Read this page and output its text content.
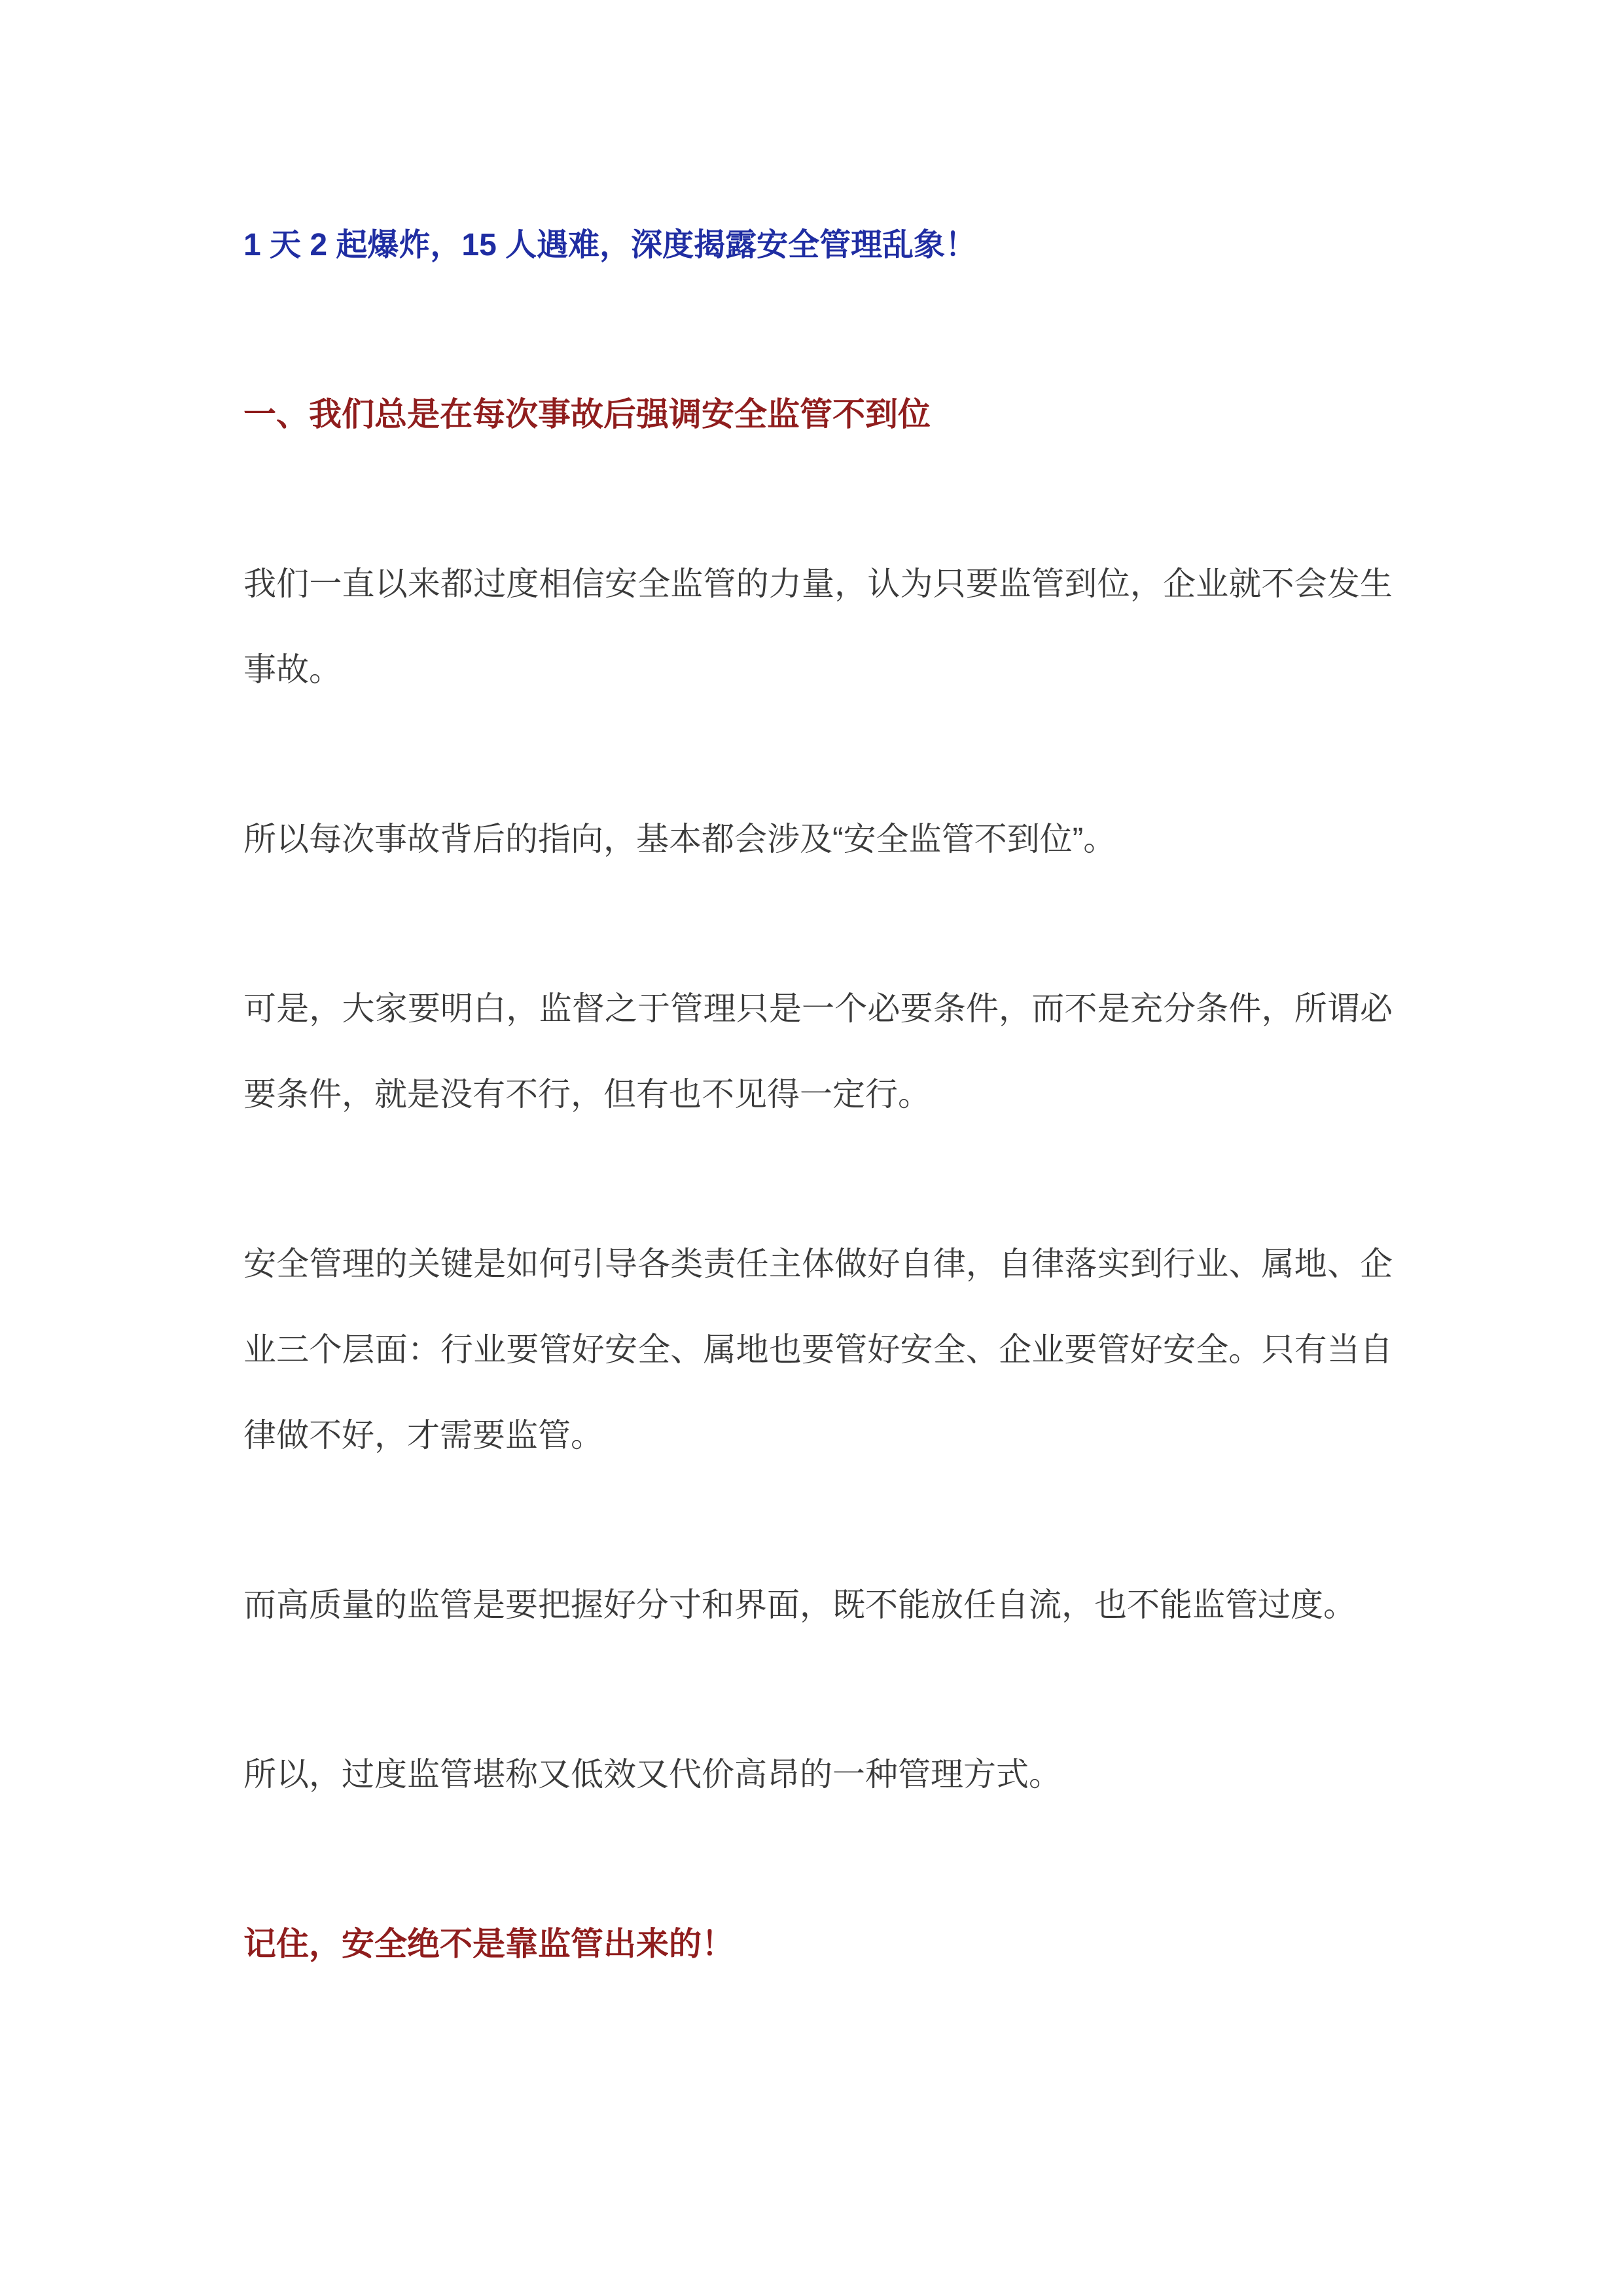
1 天 2 起爆炸，15 人遇难，深度揭露安全管理乱象！
一、我们总是在每次事故后强调安全监管不到位

我们一直以来都过度相信安全监管的力量，认为只要监管到位，企业就不会发生事故。

所以每次事故背后的指向，基本都会涉及“安全监管不到位”。

可是，大家要明白，监督之于管理只是一个必要条件，而不是充分条件，所谓必要条件，就是没有不行，但有也不见得一定行。

安全管理的关键是如何引导各类责任主体做好自律，自律落实到行业、属地、企业三个层面：行业要管好安全、属地也要管好安全、企业要管好安全。只有当自律做不好，才需要监管。

而高质量的监管是要把握好分寸和界面，既不能放任自流，也不能监管过度。

所以，过度监管堪称又低效又代价高昂的一种管理方式。

记住，安全绝不是靠监管出来的！
